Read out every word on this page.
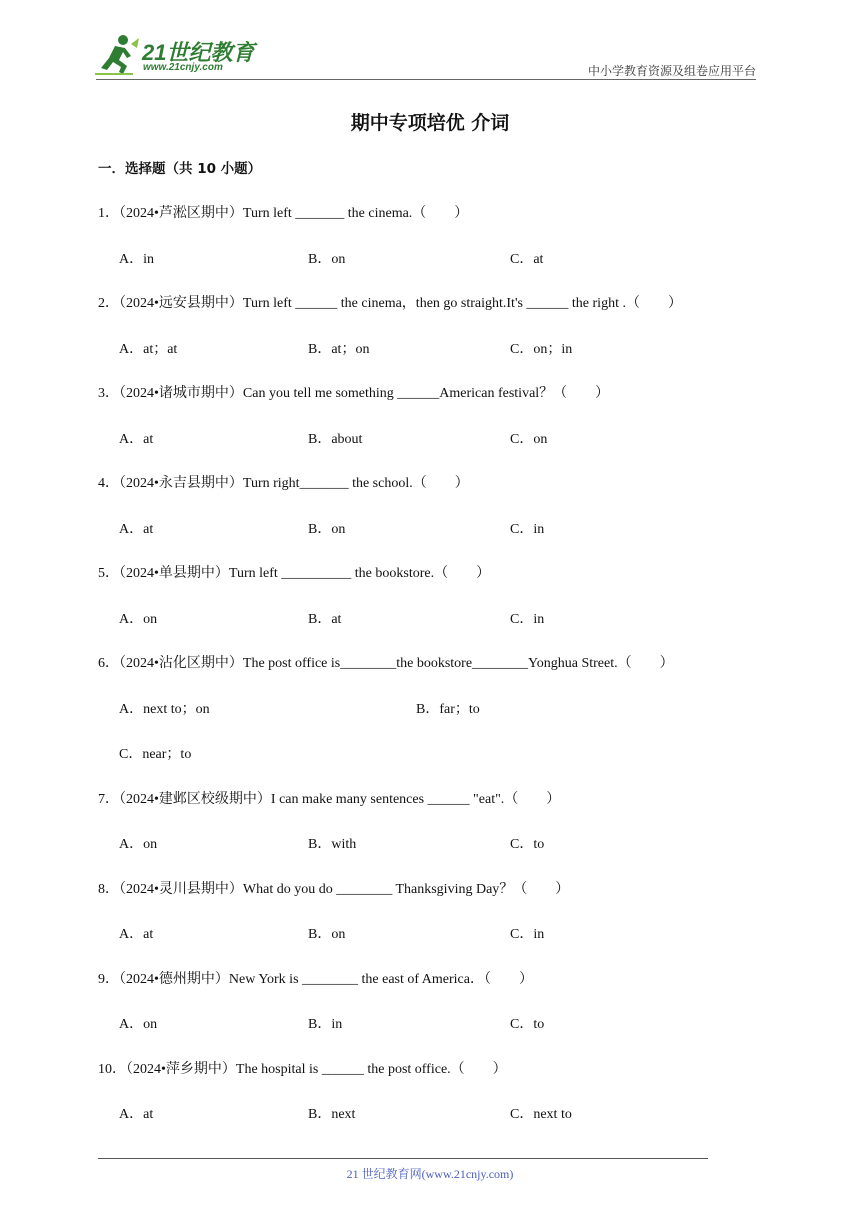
21世纪教育
www.21cnjy.com	中小学教育资源及组卷应用平台
期中专项培优 介词
一．选择题（共 10 小题）
1．（2024•芦淞区期中）Turn left _______ the cinema.（　　）
A．in	B．on	C．at
2．（2024•远安县期中）Turn left ______ the cinema，then go straight.It's ______ the right .（　　）
A．at；at	B．at；on	C．on；in
3．（2024•诸城市期中）Can you tell me something ______American festival？（　　）
A．at	B．about	C．on
4．（2024•永吉县期中）Turn right_______ the school.（　　）
A．at	B．on	C．in
5．（2024•单县期中）Turn left __________ the bookstore.（　　）
A．on	B．at	C．in
6．（2024•沾化区期中）The post office is________the bookstore________Yonghua Street.（　　）
A．next to；on	B．far；to
C．near；to
7．（2024•建邺区校级期中）I can make many sentences ______ "eat".（　　）
A．on	B．with	C．to
8．（2024•灵川县期中）What do you do ________ Thanksgiving Day？（　　）
A．at	B．on	C．in
9．（2024•德州期中）New York is ________ the east of America．（　　）
A．on	B．in	C．to
10．（2024•萍乡期中）The hospital is ______ the post office.（　　）
A．at	B．next	C．next to
21 世纪教育网(www.21cnjy.com)
